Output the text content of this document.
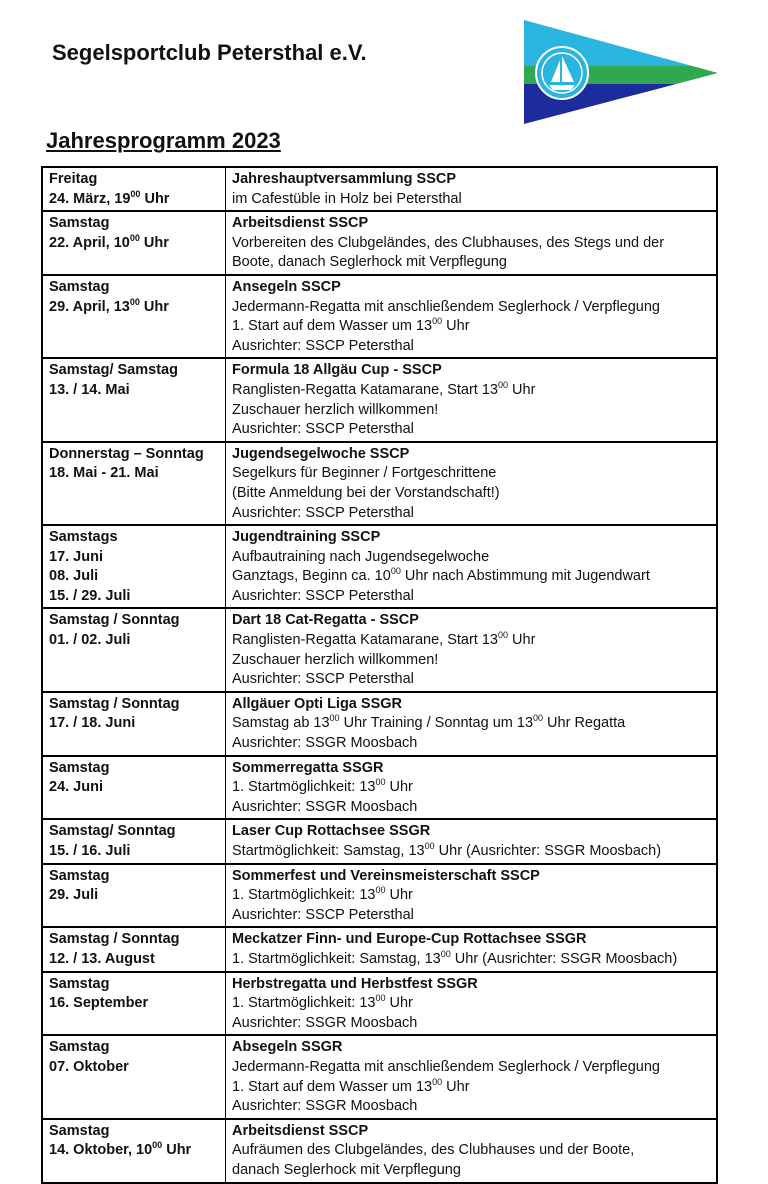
Segelsportclub Petersthal e.V.
Jahresprogramm 2023
Freitag
24. März, $19^{00}$ Uhr	Jahreshauptversammlung SSCP
im Cafestüble in Holz bei Petersthal

Samstag
22. April, $10^{00}$ Uhr	Arbeitsdienst SSCP
Vorbereiten des Clubgeländes, des Clubhauses, des Stegs und der
Boote, danach Seglerhock mit Verpflegung

Samstag
29. April, $13^{00}$ Uhr	Ansegeln SSCP
Jedermann-Regatta mit anschließendem Seglerhock / Verpflegung
1. Start auf dem Wasser um $13^{00}$ Uhr
Ausrichter: SSCP Petersthal

Samstag/ Samstag
13. / 14. Mai	Formula 18 Allgäu Cup - SSCP
Ranglisten-Regatta Katamarane, Start $13^{00}$ Uhr
Zuschauer herzlich willkommen!
Ausrichter: SSCP Petersthal

Donnerstag – Sonntag
18. Mai - 21. Mai	Jugendsegelwoche SSCP
Segelkurs für Beginner / Fortgeschrittene
(Bitte Anmeldung bei der Vorstandschaft!)
Ausrichter: SSCP Petersthal

Samstags
17. Juni
08. Juli
15. / 29. Juli	Jugendtraining SSCP
Aufbautraining nach Jugendsegelwoche
Ganztags, Beginn ca. $10^{00}$ Uhr nach Abstimmung mit Jugendwart
Ausrichter: SSCP Petersthal

Samstag / Sonntag
01. / 02. Juli	Dart 18 Cat-Regatta - SSCP
Ranglisten-Regatta Katamarane, Start $13^{00}$ Uhr
Zuschauer herzlich willkommen!
Ausrichter: SSCP Petersthal

Samstag / Sonntag
17. / 18. Juni	Allgäuer Opti Liga SSGR
Samstag ab $13^{00}$ Uhr Training / Sonntag um $13^{00}$ Uhr Regatta
Ausrichter: SSGR Moosbach

Samstag
24. Juni	Sommerregatta SSGR
1. Startmöglichkeit: $13^{00}$ Uhr
Ausrichter: SSGR Moosbach

Samstag/ Sonntag
15. / 16. Juli	Laser Cup Rottachsee SSGR
Startmöglichkeit: Samstag, $13^{00}$ Uhr (Ausrichter: SSGR Moosbach)

Samstag
29. Juli	Sommerfest und Vereinsmeisterschaft SSCP
1. Startmöglichkeit: $13^{00}$ Uhr
Ausrichter: SSCP Petersthal

Samstag / Sonntag
12. / 13. August	Meckatzer Finn- und Europe-Cup Rottachsee SSGR
1. Startmöglichkeit: Samstag, $13^{00}$ Uhr (Ausrichter: SSGR Moosbach)

Samstag
16. September	Herbstregatta und Herbstfest SSGR
1. Startmöglichkeit: $13^{00}$ Uhr
Ausrichter: SSGR Moosbach

Samstag
07. Oktober	Absegeln SSGR
Jedermann-Regatta mit anschließendem Seglerhock / Verpflegung
1. Start auf dem Wasser um $13^{00}$ Uhr
Ausrichter: SSGR Moosbach

Samstag
14. Oktober, $10^{00}$ Uhr	Arbeitsdienst SSCP
Aufräumen des Clubgeländes, des Clubhauses und der Boote,
danach Seglerhock mit Verpflegung
